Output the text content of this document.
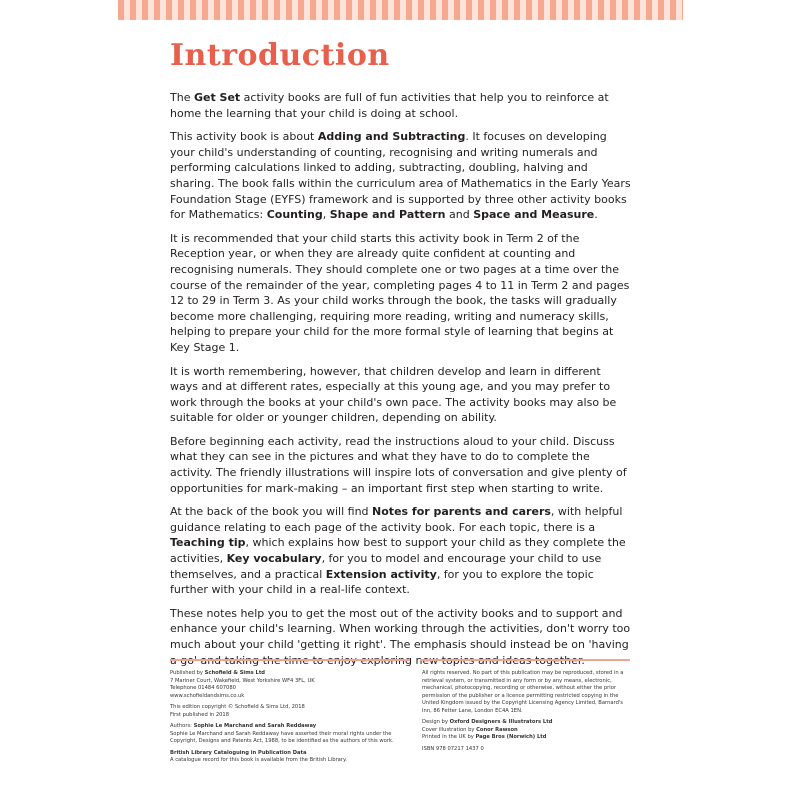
Introduction

The Get Set activity books are full of fun activities that help you to reinforce at home the learning that your child is doing at school.

This activity book is about Adding and Subtracting. It focuses on developing your child's understanding of counting, recognising and writing numerals and performing calculations linked to adding, subtracting, doubling, halving and sharing. The book falls within the curriculum area of Mathematics in the Early Years Foundation Stage (EYFS) framework and is supported by three other activity books for Mathematics: Counting, Shape and Pattern and Space and Measure.

It is recommended that your child starts this activity book in Term 2 of the Reception year, or when they are already quite confident at counting and recognising numerals. They should complete one or two pages at a time over the course of the remainder of the year, completing pages 4 to 11 in Term 2 and pages 12 to 29 in Term 3. As your child works through the book, the tasks will gradually become more challenging, requiring more reading, writing and numeracy skills, helping to prepare your child for the more formal style of learning that begins at Key Stage 1.

It is worth remembering, however, that children develop and learn in different ways and at different rates, especially at this young age, and you may prefer to work through the books at your child's own pace. The activity books may also be suitable for older or younger children, depending on ability.

Before beginning each activity, read the instructions aloud to your child. Discuss what they can see in the pictures and what they have to do to complete the activity. The friendly illustrations will inspire lots of conversation and give plenty of opportunities for mark-making – an important first step when starting to write.

At the back of the book you will find Notes for parents and carers, with helpful guidance relating to each page of the activity book. For each topic, there is a Teaching tip, which explains how best to support your child as they complete the activities, Key vocabulary, for you to model and encourage your child to use themselves, and a practical Extension activity, for you to explore the topic further with your child in a real-life context.

These notes help you to get the most out of the activity books and to support and enhance your child's learning. When working through the activities, don't worry too much about your child 'getting it right'. The emphasis should instead be on 'having

Published by Schofield & Sims Ltd
7 Mariner Court, Wakefield, West Yorkshire WF4 3FL, UK
Telephone 01484 607080
www.schofieldandsims.co.uk

This edition copyright © Schofield & Sims Ltd, 2018
First published in 2018

Authors: Sophie Le Marchand and Sarah Reddaway
Sophie Le Marchand and Sarah Reddaway have asserted their moral rights under the Copyright, Designs and Patents Act, 1988, to be identified as the authors of this work.

British Library Cataloguing in Publication Data
A catalogue record for this book is available from the British Library.

All rights reserved. No part of this publication may be reproduced, stored in a retrieval system, or transmitted in any form or by any means, electronic, mechanical, photocopying, recording or otherwise, without either the prior permission of the publisher or a licence permitting restricted copying in the United Kingdom issued by the Copyright Licensing Agency Limited, Barnard's Inn, 86 Fetter Lane, London EC4A 1EN.

Design by Oxford Designers & Illustrators Ltd
Cover illustration by Conor Rawson
Printed in the UK by Page Bros (Norwich) Ltd

ISBN 978 07217 1437 0
